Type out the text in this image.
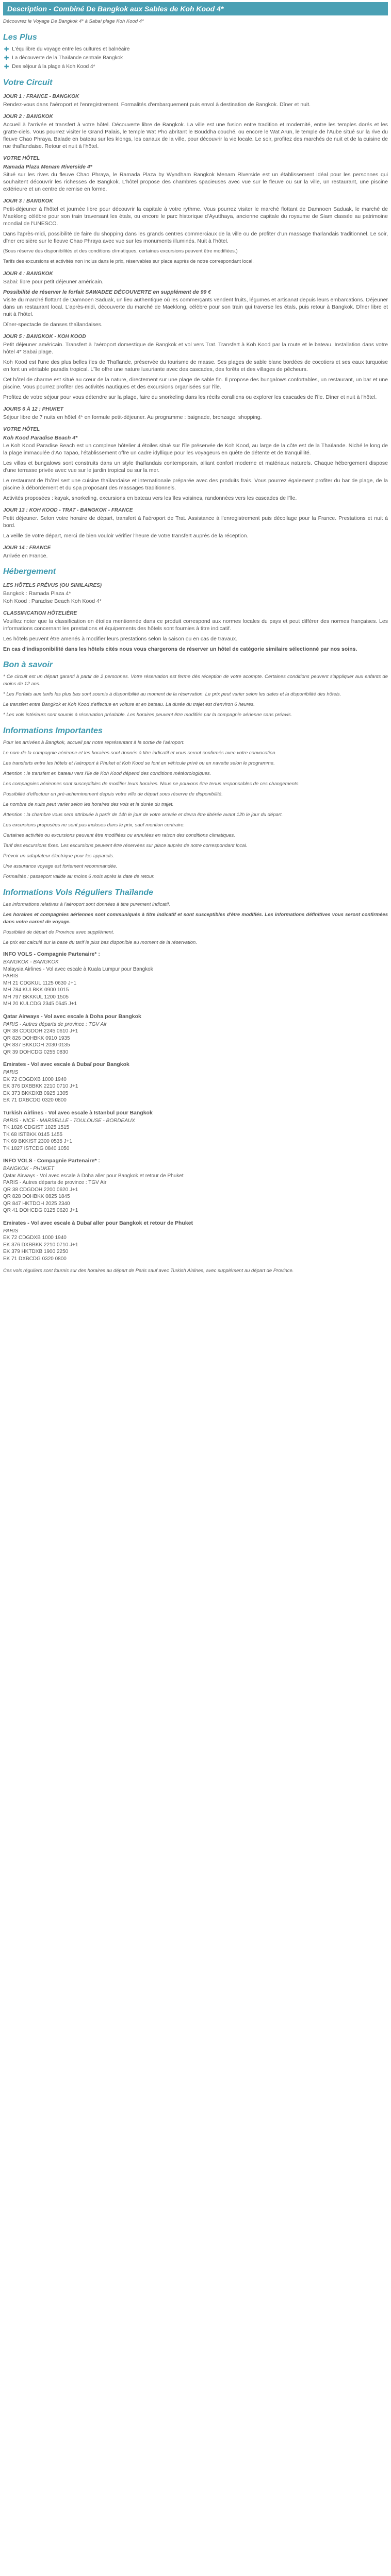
Description - Combiné De Bangkok aux Sables de Koh Kood 4*
Découvrez le Voyage De Bangkok 4* à Sabai plage Koh Kood 4*
Les Plus
✚ L'équilibre du voyage entre les cultures et balnéaire
✚ La découverte de la Thaïlande centrale Bangkok
✚ Des séjour à la plage à Koh Kood 4*
Votre Circuit
JOUR 1 : FRANCE - BANGKOK

Rendez-vous dans l'aéroport et l'enregistrement. Formalités d'embarquement puis envol à destination de Bangkok. Dîner et nuit.

JOUR 2 : BANGKOK

Accueil à l'arrivée et transfert à votre hôtel. Découverte libre de Bangkok. La ville est une fusion entre tradition et modernité, entre les temples dorés et les gratte-ciels. Vous pourrez visiter le Grand Palais, le temple Wat Pho abritant le Bouddha couché, ou encore le Wat Arun, le temple de l'Aube situé sur la rive du fleuve Chao Phraya. Balade en bateau sur les klongs, les canaux de la ville, pour découvrir la vie locale. Le soir, profitez des marchés de nuit et de la cuisine de rue thaïlandaise. Retour et nuit à l'hôtel.

VOTRE HÔTEL
Ramada Plaza Menam Riverside 4*

Situé sur les rives du fleuve Chao Phraya, le Ramada Plaza by Wyndham Bangkok Menam Riverside est un établissement idéal pour les personnes qui souhaitent découvrir les richesses de Bangkok. L'hôtel propose des chambres spacieuses avec vue sur le fleuve ou sur la ville, un restaurant, une piscine extérieure et un centre de remise en forme.

JOUR 3 : BANGKOK

Petit-déjeuner à l'hôtel et journée libre pour découvrir la capitale à votre rythme. Vous pourrez visiter le marché flottant de Damnoen Saduak, le marché de Maeklong célèbre pour son train traversant les étals, ou encore le parc historique d'Ayutthaya, ancienne capitale du royaume de Siam classée au patrimoine mondial de l'UNESCO.

Dans l'après-midi, possibilité de faire du shopping dans les grands centres commerciaux de la ville ou de profiter d'un massage thaïlandais traditionnel. Le soir, dîner croisière sur le fleuve Chao Phraya avec vue sur les monuments illuminés. Nuit à l'hôtel.

(Sous réserve des disponibilités et des conditions climatiques, certaines excursions peuvent être modifiées.)

Tarifs des excursions et activités non inclus dans le prix, réservables sur place auprès de notre correspondant local.

JOUR 4 : BANGKOK

Sabai: libre pour petit déjeuner américain.

Possibilité de réserver le forfait SAWADEE DÉCOUVERTE en supplément de 99 €

Visite du marché flottant de Damnoen Saduak, un lieu authentique où les commerçants vendent fruits, légumes et artisanat depuis leurs embarcations. Déjeuner dans un restaurant local. L'après-midi, découverte du marché de Maeklong, célèbre pour son train qui traverse les étals, puis retour à Bangkok. Dîner libre et nuit à l'hôtel.

Dîner-spectacle de danses thaïlandaises.

JOUR 5 : BANGKOK - KOH KOOD

Petit déjeuner américain. Transfert à l'aéroport domestique de Bangkok et vol vers Trat. Transfert à Koh Kood par la route et le bateau. Installation dans votre hôtel 4* Sabai plage.

Koh Kood est l'une des plus belles îles de Thaïlande, préservée du tourisme de masse. Ses plages de sable blanc bordées de cocotiers et ses eaux turquoise en font un véritable paradis tropical. L'île offre une nature luxuriante avec des cascades, des forêts et des villages de pêcheurs.

Cet hôtel de charme est situé au cœur de la nature, directement sur une plage de sable fin. Il propose des bungalows confortables, un restaurant, un bar et une piscine. Vous pourrez profiter des activités nautiques et des excursions organisées sur l'île.

Profitez de votre séjour pour vous détendre sur la plage, faire du snorkeling dans les récifs coralliens ou explorer les cascades de l'île. Dîner et nuit à l'hôtel.

JOURS 6 À 12 : PHUKET

Séjour libre de 7 nuits en hôtel 4* en formule petit-déjeuner. Au programme : baignade, bronzage, shopping.

VOTRE HÔTEL
Koh Kood Paradise Beach 4*

Le Koh Kood Paradise Beach est un complexe hôtelier 4 étoiles situé sur l'île préservée de Koh Kood, au large de la côte est de la Thaïlande. Niché le long de la plage immaculée d'Ao Tapao, l'établissement offre un cadre idyllique pour les voyageurs en quête de détente et de tranquillité.

Les villas et bungalows sont construits dans un style thaïlandais contemporain, alliant confort moderne et matériaux naturels. Chaque hébergement dispose d'une terrasse privée avec vue sur le jardin tropical ou sur la mer.

Le restaurant de l'hôtel sert une cuisine thaïlandaise et internationale préparée avec des produits frais. Vous pourrez également profiter du bar de plage, de la piscine à débordement et du spa proposant des massages traditionnels.

Activités proposées : kayak, snorkeling, excursions en bateau vers les îles voisines, randonnées vers les cascades de l'île.

JOUR 13 : KOH KOOD - TRAT - BANGKOK - FRANCE

Petit déjeuner. Selon votre horaire de départ, transfert à l'aéroport de Trat. Assistance à l'enregistrement puis décollage pour la France. Prestations et nuit à bord.

La veille de votre départ, merci de bien vouloir vérifier l'heure de votre transfert auprès de la réception.

JOUR 14 : FRANCE

Arrivée en France.

Hébergement
LES HÔTELS PRÉVUS (OU SIMILAIRES)
Bangkok : Ramada Plaza 4*
Koh Kood : Paradise Beach Koh Kood 4*
CLASSIFICATION HÔTELIÈRE

Veuillez noter que la classification en étoiles mentionnée dans ce produit correspond aux normes locales du pays et peut différer des normes françaises. Les informations concernant les prestations et équipements des hôtels sont fournies à titre indicatif.

Les hôtels peuvent être amenés à modifier leurs prestations selon la saison ou en cas de travaux.

En cas d'indisponibilité dans les hôtels cités nous vous chargerons de réserver un hôtel de catégorie similaire sélectionné par nos soins.

Bon à savoir

* Ce circuit est un départ garanti à partir de 2 personnes. Votre réservation est ferme dès réception de votre acompte. Certaines conditions peuvent s'appliquer aux enfants de moins de 12 ans.

* Les Forfaits aux tarifs les plus bas sont soumis à disponibilité au moment de la réservation. Le prix peut varier selon les dates et la disponibilité des hôtels.

Le transfert entre Bangkok et Koh Kood s'effectue en voiture et en bateau. La durée du trajet est d'environ 6 heures.

* Les vols intérieurs sont soumis à réservation préalable. Les horaires peuvent être modifiés par la compagnie aérienne sans préavis.

Informations Importantes

Pour les arrivées à Bangkok, accueil par notre représentant à la sortie de l'aéroport.

Le nom de la compagnie aérienne et les horaires sont donnés à titre indicatif et vous seront confirmés avec votre convocation.

Les transferts entre les hôtels et l'aéroport à Phuket et Koh Kood se font en véhicule privé ou en navette selon le programme.

Attention : le transfert en bateau vers l'île de Koh Kood dépend des conditions météorologiques.

Les compagnies aériennes sont susceptibles de modifier leurs horaires. Nous ne pouvons être tenus responsables de ces changements.

Possibilité d'effectuer un pré-acheminement depuis votre ville de départ sous réserve de disponibilité.

Le nombre de nuits peut varier selon les horaires des vols et la durée du trajet.

Attention : la chambre vous sera attribuée à partir de 14h le jour de votre arrivée et devra être libérée avant 12h le jour du départ.

Les excursions proposées ne sont pas incluses dans le prix, sauf mention contraire.

Certaines activités ou excursions peuvent être modifiées ou annulées en raison des conditions climatiques.

Tarif des excursions fixes. Les excursions peuvent être réservées sur place auprès de notre correspondant local.

Prévoir un adaptateur électrique pour les appareils.

Une assurance voyage est fortement recommandée.

Formalités : passeport valide au moins 6 mois après la date de retour.

Informations Vols Réguliers Thaïlande

Les informations relatives à l'aéroport sont données à titre purement indicatif.

Les horaires et compagnies aériennes sont communiqués à titre indicatif et sont susceptibles d'être modifiés. Les informations définitives vous seront confirmées dans votre carnet de voyage.

Possibilité de départ de Province avec supplément.

Le prix est calculé sur la base du tarif le plus bas disponible au moment de la réservation.

INFO VOLS - Compagnie Partenaire* :
BANGKOK - BANGKOK
Malaysia Airlines - Vol avec escale à Kuala Lumpur pour Bangkok
PARIS
MH 21 CDGKUL 1125 0630 J+1
MH 784 KULBKK 0900 1015
MH 797 BKKKUL 1200 1505
MH 20 KULCDG 2345 0645 J+1
Qatar Airways - Vol avec escale à Doha pour Bangkok
PARIS - Autres départs de province : TGV Air
QR 38 CDGDOH 2245 0610 J+1
QR 826 DOHBKK 0910 1935
QR 837 BKKDOH 2030 0135
QR 39 DOHCDG 0255 0830
Emirates - Vol avec escale à Dubaï pour Bangkok
PARIS
EK 72 CDGDXB 1000 1940
EK 376 DXBBKK 2210 0710 J+1
EK 373 BKKDXB 0925 1305
EK 71 DXBCDG 0320 0800
Turkish Airlines - Vol avec escale à Istanbul pour Bangkok
PARIS - NICE - MARSEILLE - TOULOUSE - BORDEAUX
TK 1826 CDGIST 1025 1515
TK 68 ISTBKK 0145 1455
TK 69 BKKIST 2300 0535 J+1
TK 1827 ISTCDG 0840 1050
INFO VOLS - Compagnie Partenaire* :
BANGKOK - PHUKET
Qatar Airways - Vol avec escale à Doha aller pour Bangkok et retour de Phuket
PARIS - Autres départs de province : TGV Air
QR 38 CDGDOH 2200 0620 J+1
QR 828 DOHBKK 0825 1845
QR 847 HKTDOH 2025 2340
QR 41 DOHCDG 0125 0620 J+1
Emirates - Vol avec escale à Dubaï aller pour Bangkok et retour de Phuket
PARIS
EK 72 CDGDXB 1000 1940
EK 376 DXBBKK 2210 0710 J+1
EK 379 HKTDXB 1900 2250
EK 71 DXBCDG 0320 0800

Ces vols réguliers sont fournis sur des horaires au départ de Paris sauf avec Turkish Airlines, avec supplément au départ de Province.
